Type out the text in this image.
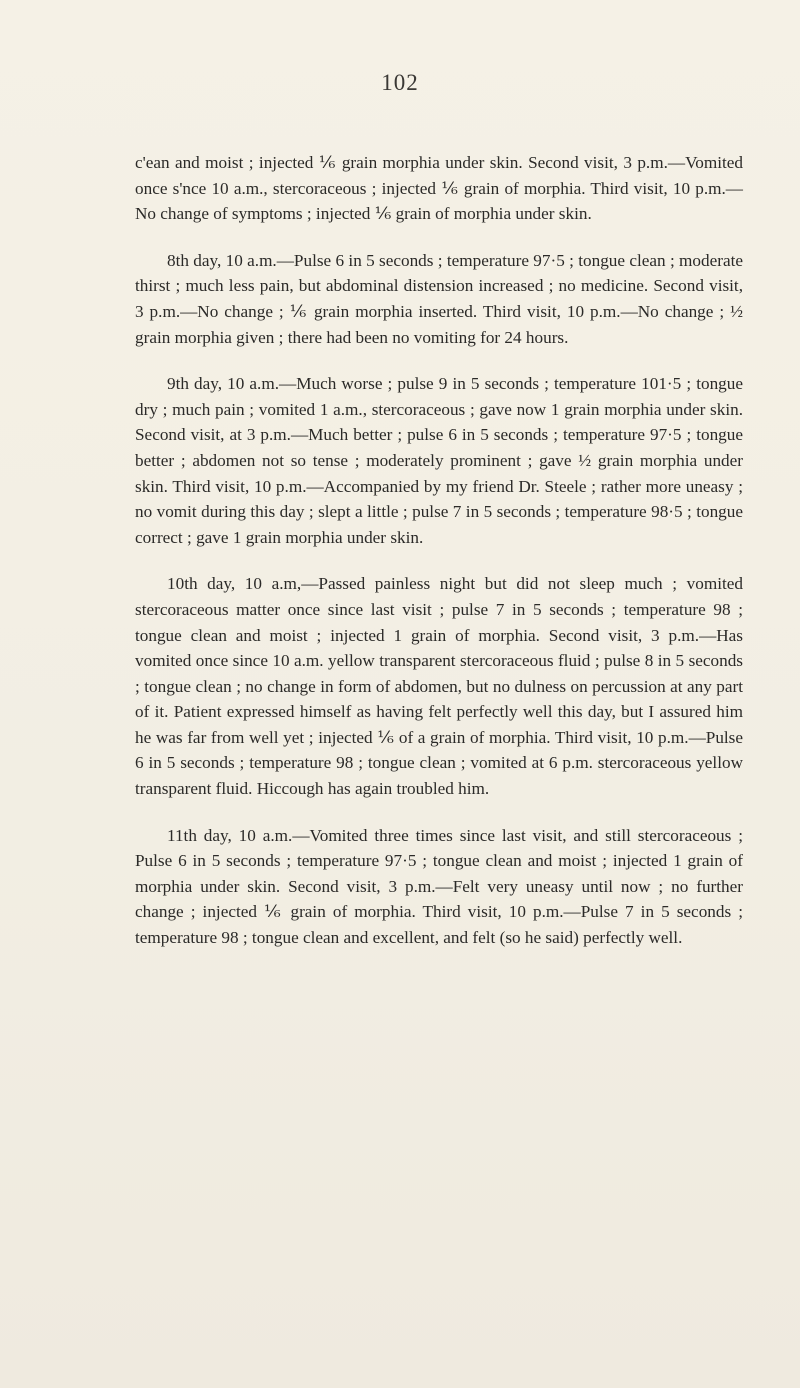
102

c'ean and moist ; injected ⅙ grain morphia under skin. Second visit, 3 p.m.—Vomited once s'nce 10 a.m., stercoraceous ; injected ⅙ grain of morphia. Third visit, 10 p.m.—No change of symptoms ; injected ⅙ grain of morphia under skin.

8th day, 10 a.m.—Pulse 6 in 5 seconds ; temperature 97·5 ; tongue clean ; moderate thirst ; much less pain, but abdominal distension increased ; no medicine. Second visit, 3 p.m.—No change ; ⅙ grain morphia inserted. Third visit, 10 p.m.—No change ; ½ grain morphia given ; there had been no vomiting for 24 hours.

9th day, 10 a.m.—Much worse ; pulse 9 in 5 seconds ; temperature 101·5 ; tongue dry ; much pain ; vomited 1 a.m., stercoraceous ; gave now 1 grain morphia under skin. Second visit, at 3 p.m.—Much better ; pulse 6 in 5 seconds ; temperature 97·5 ; tongue better ; abdomen not so tense ; moderately prominent ; gave ½ grain morphia under skin. Third visit, 10 p.m.—Accompanied by my friend Dr. Steele ; rather more uneasy ; no vomit during this day ; slept a little ; pulse 7 in 5 seconds ; temperature 98·5 ; tongue correct ; gave 1 grain morphia under skin.

10th day, 10 a.m,—Passed painless night but did not sleep much ; vomited stercoraceous matter once since last visit ; pulse 7 in 5 seconds ; temperature 98 ; tongue clean and moist ; injected 1 grain of morphia. Second visit, 3 p.m.—Has vomited once since 10 a.m. yellow transparent stercoraceous fluid ; pulse 8 in 5 seconds ; tongue clean ; no change in form of abdomen, but no dulness on percussion at any part of it. Patient expressed himself as having felt perfectly well this day, but I assured him he was far from well yet ; injected ⅙ of a grain of morphia. Third visit, 10 p.m.—Pulse 6 in 5 seconds ; temperature 98 ; tongue clean ; vomited at 6 p.m. stercoraceous yellow transparent fluid. Hiccough has again troubled him.

11th day, 10 a.m.—Vomited three times since last visit, and still stercoraceous ; Pulse 6 in 5 seconds ; temperature 97·5 ; tongue clean and moist ; injected 1 grain of morphia under skin. Second visit, 3 p.m.—Felt very uneasy until now ; no further change ; injected ⅙ grain of morphia. Third visit, 10 p.m.—Pulse 7 in 5 seconds ; temperature 98 ; tongue clean and excellent, and felt (so he said) perfectly well.
